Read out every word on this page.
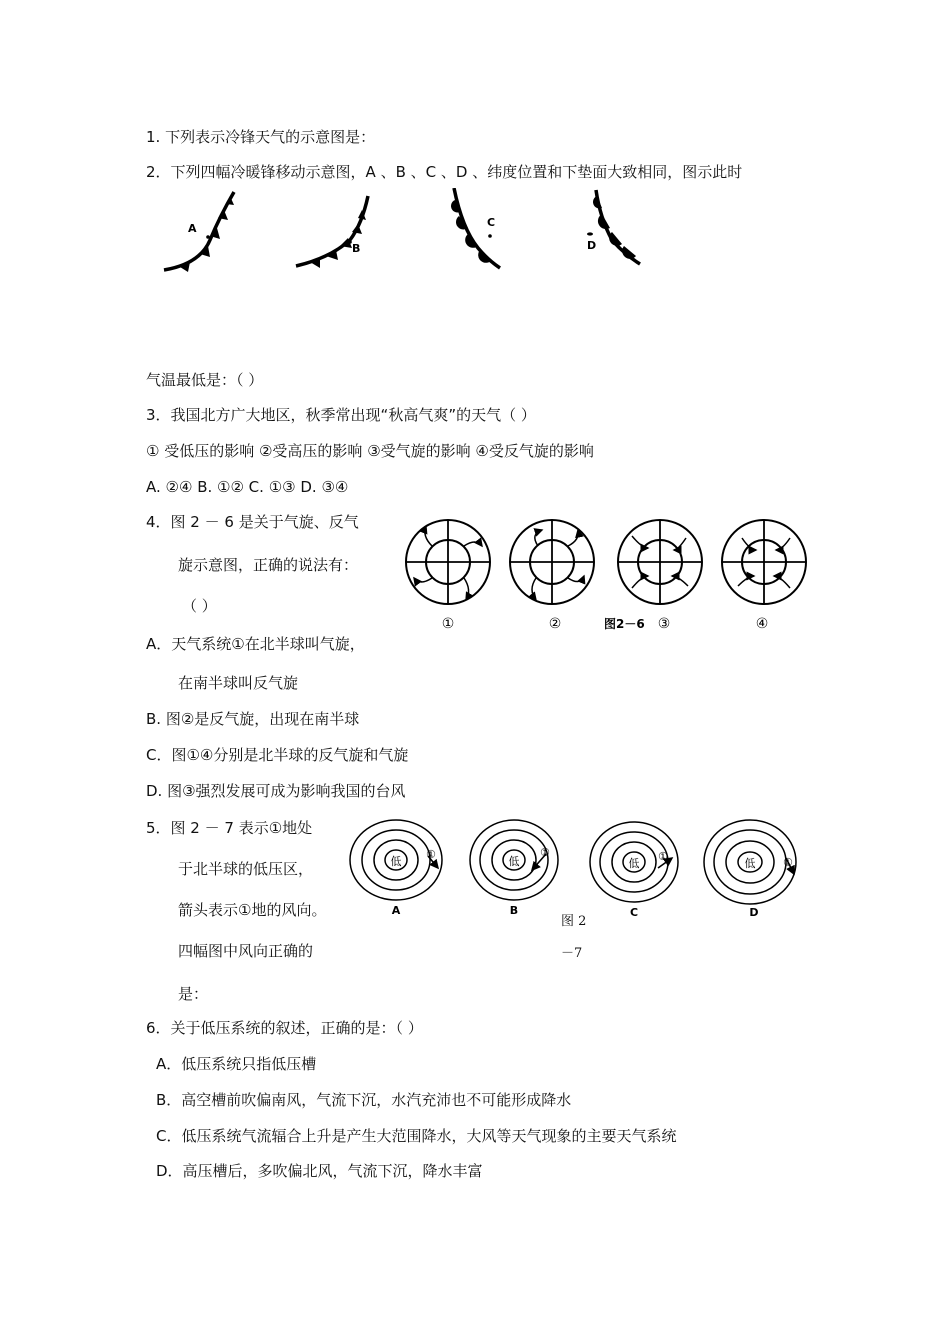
1. 下列表示冷锋天气的示意图是：
2．下列四幅冷暖锋移动示意图，A 、B 、C 、D 、纬度位置和下垫面大致相同，图示此时
A
B
C
D
气温最低是：（ ）
3．我国北方广大地区，秋季常出现“秋高气爽”的天气（ ）
① 受低压的影响 ②受高压的影响 ③受气旋的影响 ④受反气旋的影响
A. ②④ B. ①② C. ①③ D. ③④
4．图 2 － 6 是关于气旋、反气
旋示意图，正确的说法有：
（ ）
①	②	图2－6 ③	④
A．天气系统①在北半球叫气旋，
在南半球叫反气旋
B. 图②是反气旋，出现在南半球
C．图①④分别是北半球的反气旋和气旋
D. 图③强烈发展可成为影响我国的台风
5．图 2 － 7 表示①地处
于北半球的低压区，
箭头表示①地的风向。
四幅图中风向正确的
是：
低
①
A
低
①
B
低
①
C
低	①
D
图 2
－7
6．关于低压系统的叙述，正确的是：（ ）
A．低压系统只指低压槽
B．高空槽前吹偏南风，气流下沉，水汽充沛也不可能形成降水
C．低压系统气流辐合上升是产生大范围降水，大风等天气现象的主要天气系统
D．高压槽后，多吹偏北风，气流下沉，降水丰富
